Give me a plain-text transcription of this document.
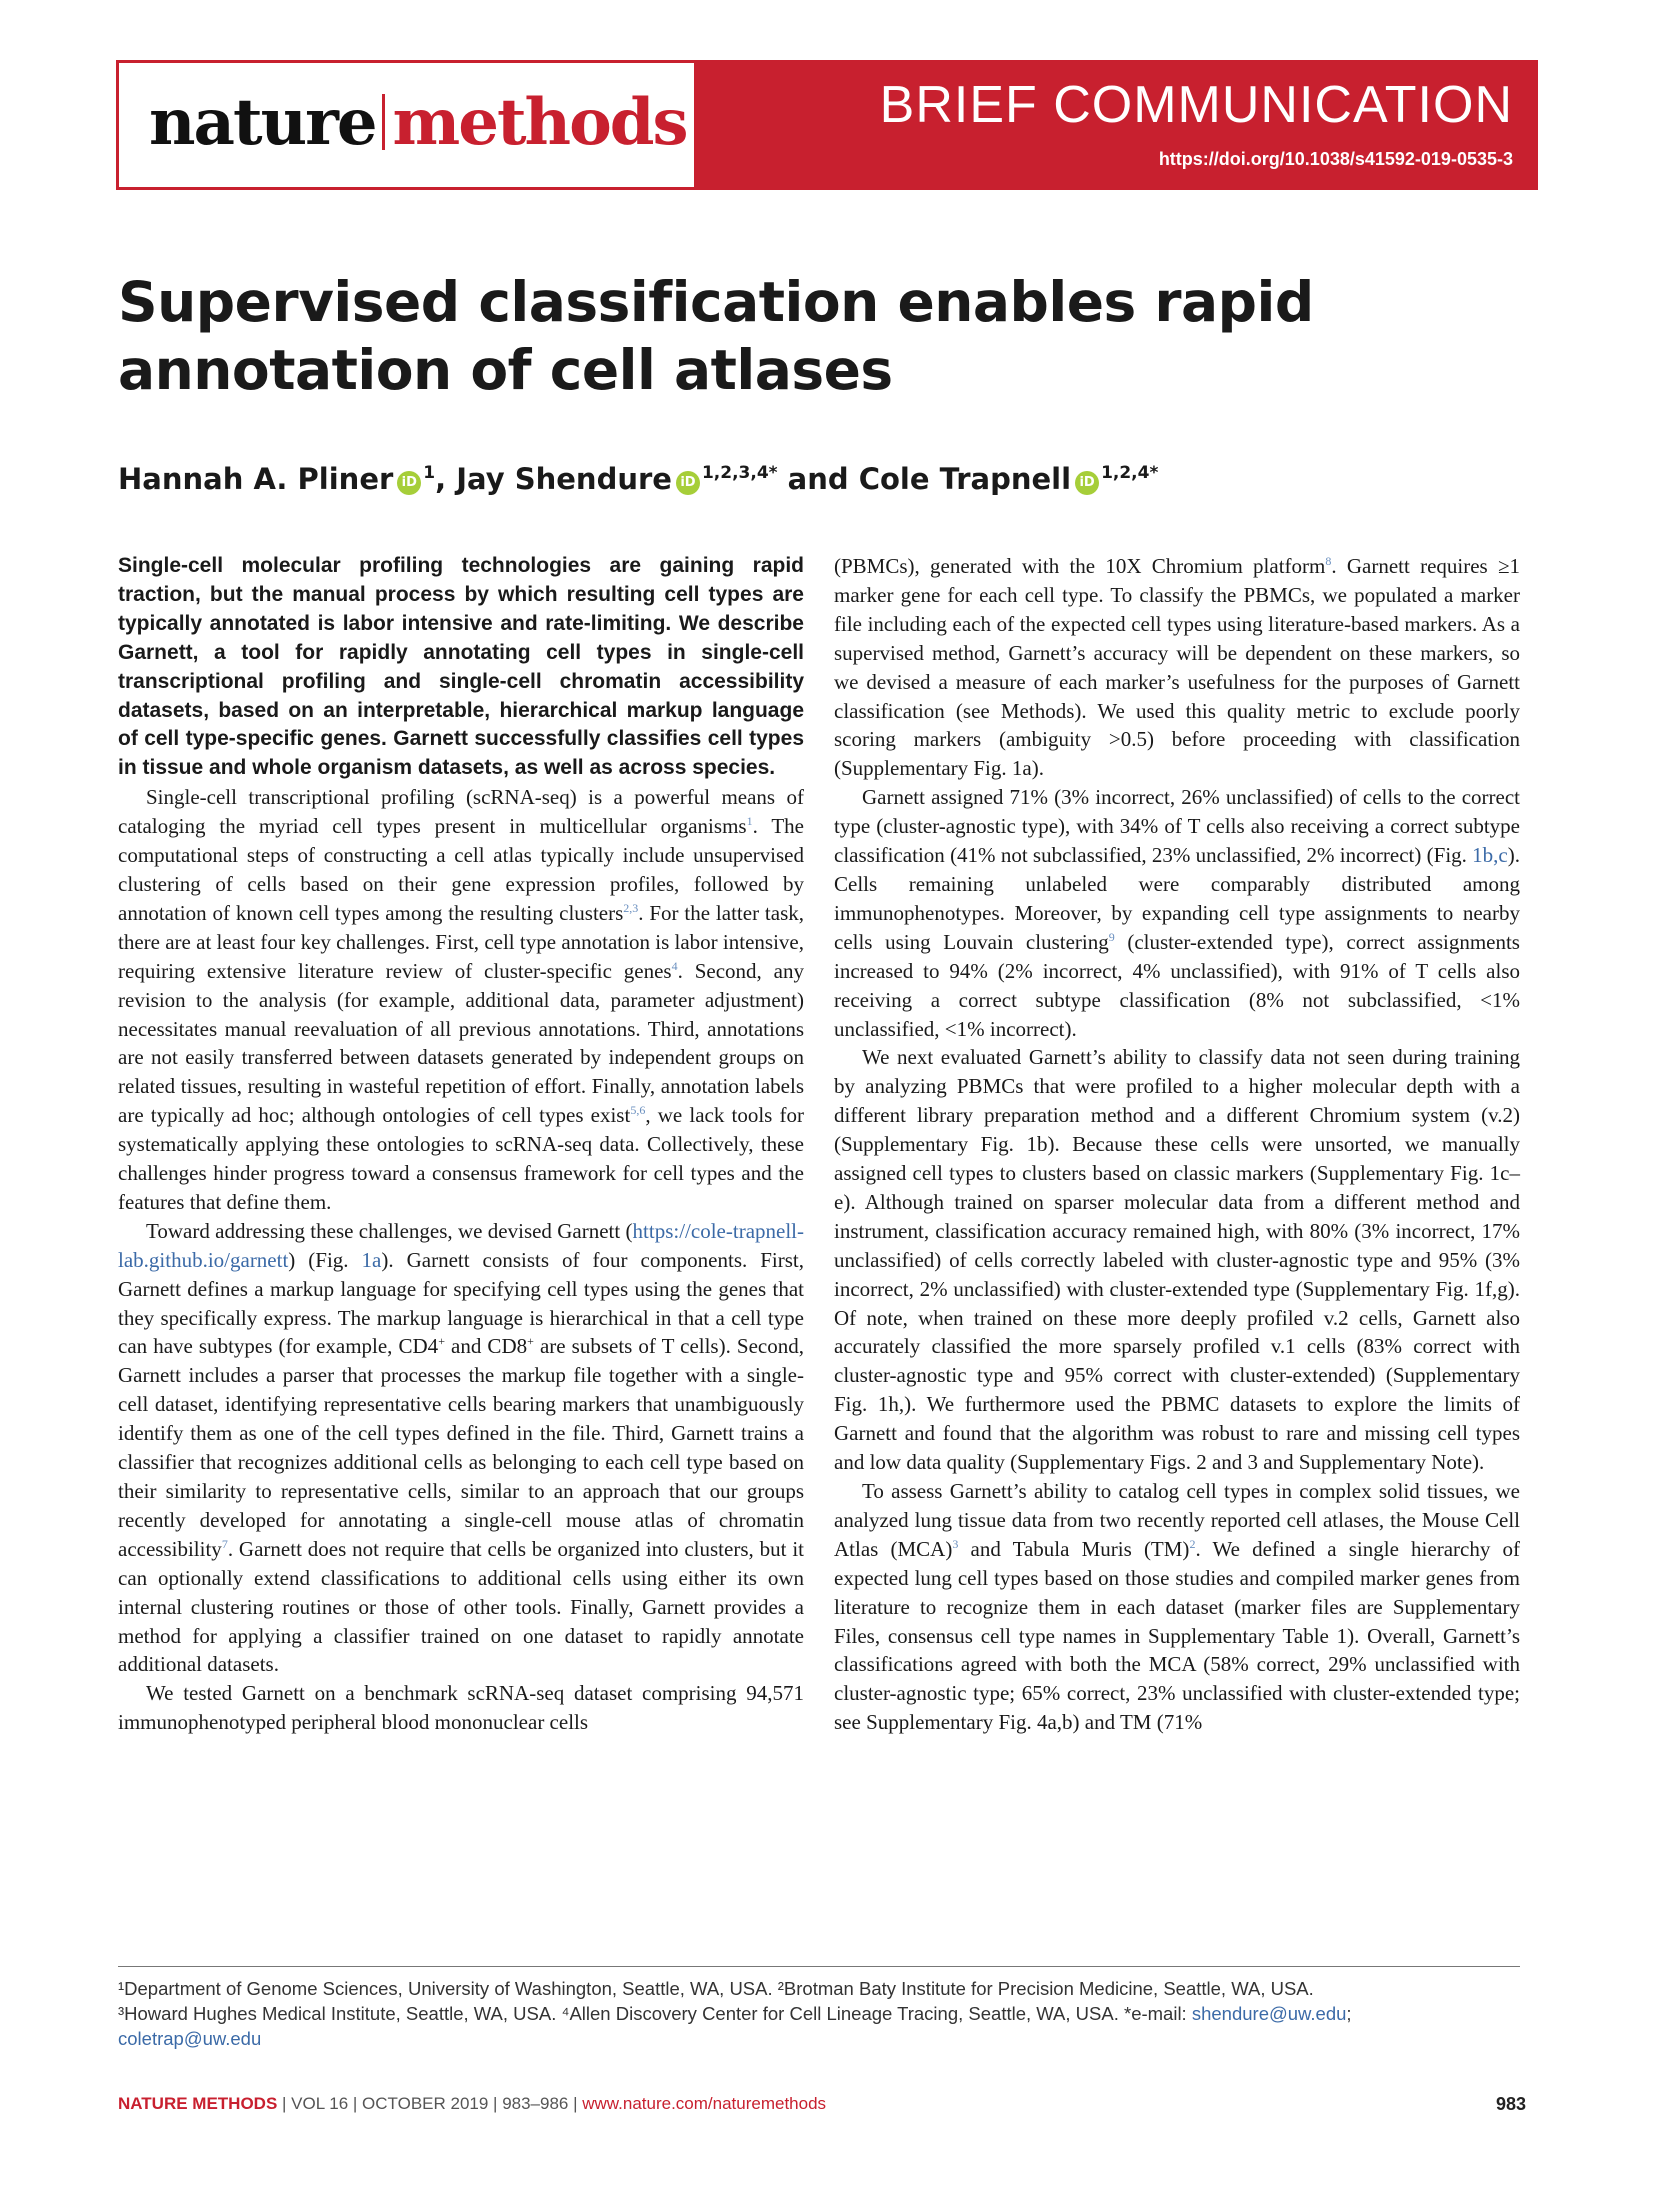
nature methods	BRIEF COMMUNICATION
https://doi.org/10.1038/s41592-019-0535-3
Supervised classification enables rapid annotation of cell atlases
Hannah A. Pliner iD $^1$, Jay Shendure iD $^{1,2,3,4*}$ and Cole Trapnell iD $^{1,2,4*}$

Single-cell molecular profiling technologies are gaining rapid traction, but the manual process by which resulting cell types are typically annotated is labor intensive and rate-limiting. We describe Garnett, a tool for rapidly annotating cell types in single-cell transcriptional profiling and single-cell chromatin accessibility datasets, based on an interpretable, hierarchical markup language of cell type-specific genes. Garnett successfully classifies cell types in tissue and whole organism datasets, as well as across species.

Single-cell transcriptional profiling (scRNA-seq) is a powerful means of cataloging the myriad cell types present in multicellular organisms$^1$. The computational steps of constructing a cell atlas typically include unsupervised clustering of cells based on their gene expression profiles, followed by annotation of known cell types among the resulting clusters$^{2,3}$. For the latter task, there are at least four key challenges. First, cell type annotation is labor intensive, requiring extensive literature review of cluster-specific genes$^4$. Second, any revision to the analysis (for example, additional data, parameter adjustment) necessitates manual reevaluation of all previous annotations. Third, annotations are not easily transferred between datasets generated by independent groups on related tissues, resulting in wasteful repetition of effort. Finally, annotation labels are typically ad hoc; although ontologies of cell types exist$^{5,6}$, we lack tools for systematically applying these ontologies to scRNA-seq data. Collectively, these challenges hinder progress toward a consensus framework for cell types and the features that define them.

Toward addressing these challenges, we devised Garnett (https://cole-trapnell-lab.github.io/garnett) (Fig. 1a). Garnett consists of four components. First, Garnett defines a markup language for specifying cell types using the genes that they specifically express. The markup language is hierarchical in that a cell type can have subtypes (for example, CD4+ and CD8+ are subsets of T cells). Second, Garnett includes a parser that processes the markup file together with a single-cell dataset, identifying representative cells bearing markers that unambiguously identify them as one of the cell types defined in the file. Third, Garnett trains a classifier that recognizes additional cells as belonging to each cell type based on their similarity to representative cells, similar to an approach that our groups recently developed for annotating a single-cell mouse atlas of chromatin accessibility$^7$. Garnett does not require that cells be organized into clusters, but it can optionally extend classifications to additional cells using either its own internal clustering routines or those of other tools. Finally, Garnett provides a method for applying a classifier trained on one dataset to rapidly annotate additional datasets.

We tested Garnett on a benchmark scRNA-seq dataset comprising 94,571 immunophenotyped peripheral blood mononuclear cells

(PBMCs), generated with the 10X Chromium platform$^8$. Garnett requires ≥1 marker gene for each cell type. To classify the PBMCs, we populated a marker file including each of the expected cell types using literature-based markers. As a supervised method, Garnett’s accuracy will be dependent on these markers, so we devised a measure of each marker’s usefulness for the purposes of Garnett classification (see Methods). We used this quality metric to exclude poorly scoring markers (ambiguity >0.5) before proceeding with classification (Supplementary Fig. 1a).

Garnett assigned 71% (3% incorrect, 26% unclassified) of cells to the correct type (cluster-agnostic type), with 34% of T cells also receiving a correct subtype classification (41% not subclassified, 23% unclassified, 2% incorrect) (Fig. 1b,c). Cells remaining unlabeled were comparably distributed among immunophenotypes. Moreover, by expanding cell type assignments to nearby cells using Louvain clustering$^9$ (cluster-extended type), correct assignments increased to 94% (2% incorrect, 4% unclassified), with 91% of T cells also receiving a correct subtype classification (8% not subclassified, <1% unclassified, <1% incorrect).

We next evaluated Garnett’s ability to classify data not seen during training by analyzing PBMCs that were profiled to a higher molecular depth with a different library preparation method and a different Chromium system (v.2) (Supplementary Fig. 1b). Because these cells were unsorted, we manually assigned cell types to clusters based on classic markers (Supplementary Fig. 1c–e). Although trained on sparser molecular data from a different method and instrument, classification accuracy remained high, with 80% (3% incorrect, 17% unclassified) of cells correctly labeled with cluster-agnostic type and 95% (3% incorrect, 2% unclassified) with cluster-extended type (Supplementary Fig. 1f,g). Of note, when trained on these more deeply profiled v.2 cells, Garnett also accurately classified the more sparsely profiled v.1 cells (83% correct with cluster-agnostic type and 95% correct with cluster-extended) (Supplementary Fig. 1h,). We furthermore used the PBMC datasets to explore the limits of Garnett and found that the algorithm was robust to rare and missing cell types and low data quality (Supplementary Figs. 2 and 3 and Supplementary Note).

To assess Garnett’s ability to catalog cell types in complex solid tissues, we analyzed lung tissue data from two recently reported cell atlases, the Mouse Cell Atlas (MCA)$^3$ and Tabula Muris (TM)$^2$. We defined a single hierarchy of expected lung cell types based on those studies and compiled marker genes from literature to recognize them in each dataset (marker files are Supplementary Files, consensus cell type names in Supplementary Table 1). Overall, Garnett’s classifications agreed with both the MCA (58% correct, 29% unclassified with cluster-agnostic type; 65% correct, 23% unclassified with cluster-extended type; see Supplementary Fig. 4a,b) and TM (71%

¹Department of Genome Sciences, University of Washington, Seattle, WA, USA. ²Brotman Baty Institute for Precision Medicine, Seattle, WA, USA.
³Howard Hughes Medical Institute, Seattle, WA, USA. ⁴Allen Discovery Center for Cell Lineage Tracing, Seattle, WA, USA. *e-mail: shendure@uw.edu;
coletrap@uw.edu
NATURE METHODS | VOL 16 | OCTOBER 2019 | 983–986 | www.nature.com/naturemethods	983
